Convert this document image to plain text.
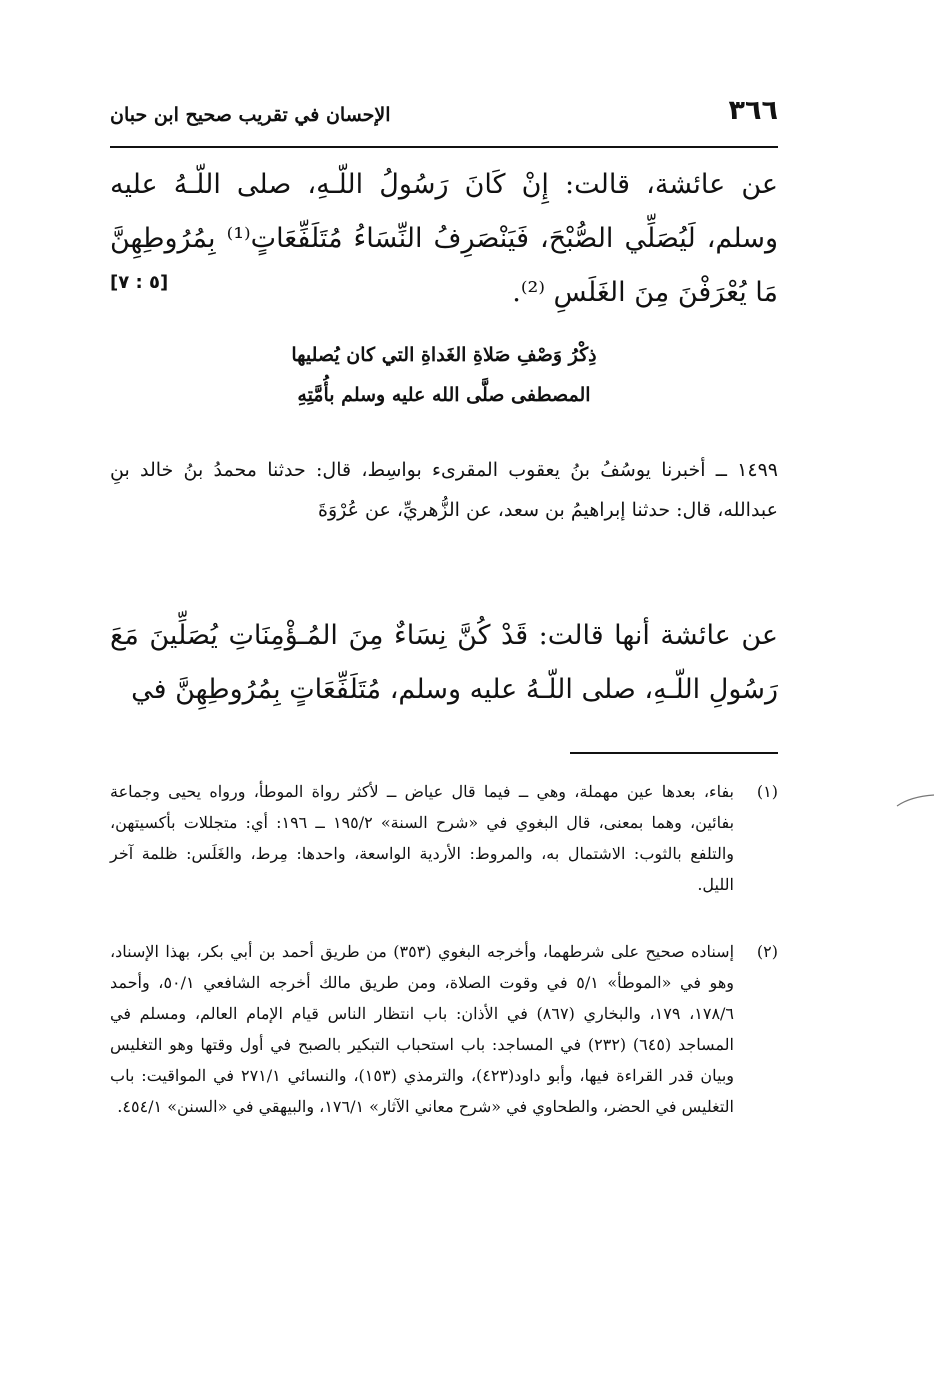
٣٦٦
الإحسان في تقريب صحيح ابن حبان
عن عائشة، قالت: إِنْ كَانَ رَسُولُ اللّـهِ، صلى اللّـهُ عليه وسلم، لَيُصَلِّي الصُّبْحَ، فَيَنْصَرِفُ النِّسَاءُ مُتَلَفِّعَاتٍ⁽¹⁾ بِمُرُوطِهِنَّ مَا يُعْرَفْنَ مِنَ الغَلَسِ ⁽²⁾.
[٥ : ٧]
ذِكْرُ وَصْفِ صَلاةِ الغَداةِ التي كان يُصليها
المصطفى صلَّى الله عليه وسلم بأُمَّتِهِ
١٤٩٩ ــ أخبرنا يوسُفُ بنُ يعقوب المقرىء بواسِط، قال: حدثنا محمدُ بنُ خالد بنِ عبدالله، قال: حدثنا إبراهيمُ بن سعد، عن الزُّهريِّ، عن عُرْوَةَ
عن عائشة أنها قالت: قَدْ كُنَّ نِسَاءٌ مِنَ المُـؤْمِنَاتِ يُصَلِّينَ مَعَ رَسُولِ اللّـهِ، صلى اللّـهُ عليه وسلم، مُتَلَفِّعَاتٍ بِمُرُوطِهِنَّ في
(١)
بفاء، بعدها عين مهملة، وهي ــ فيما قال عياض ــ لأكثر رواة الموطأ، ورواه يحيى وجماعة بفائين، وهما بمعنى، قال البغوي في «شرح السنة» ١٩٥/٢ ــ ١٩٦: أي: متجللات بأكسيتهن، والتلفع بالثوب: الاشتمال به، والمروط: الأردية الواسعة، واحدها: مِرط، والغَلَس: ظلمة آخر الليل.
(٢)
إسناده صحيح على شرطهما، وأخرجه البغوي (٣٥٣) من طريق أحمد بن أبي بكر، بهذا الإسناد، وهو في «الموطأ» ٥/١ في وقوت الصلاة، ومن طريق مالك أخرجه الشافعي ٥٠/١، وأحمد ١٧٨/٦، ١٧٩، والبخاري (٨٦٧) في الأذان: باب انتظار الناس قيام الإمام العالم، ومسلم في المساجد (٦٤٥) (٢٣٢) في المساجد: باب استحباب التبكير بالصبح في أول وقتها وهو التغليس وبيان قدر القراءة فيها، وأبو داود(٤٢٣)، والترمذي (١٥٣)، والنسائي ٢٧١/١ في المواقيت: باب التغليس في الحضر، والطحاوي في «شرح معاني الآثار» ١٧٦/١، والبيهقي في «السنن» ٤٥٤/١.
